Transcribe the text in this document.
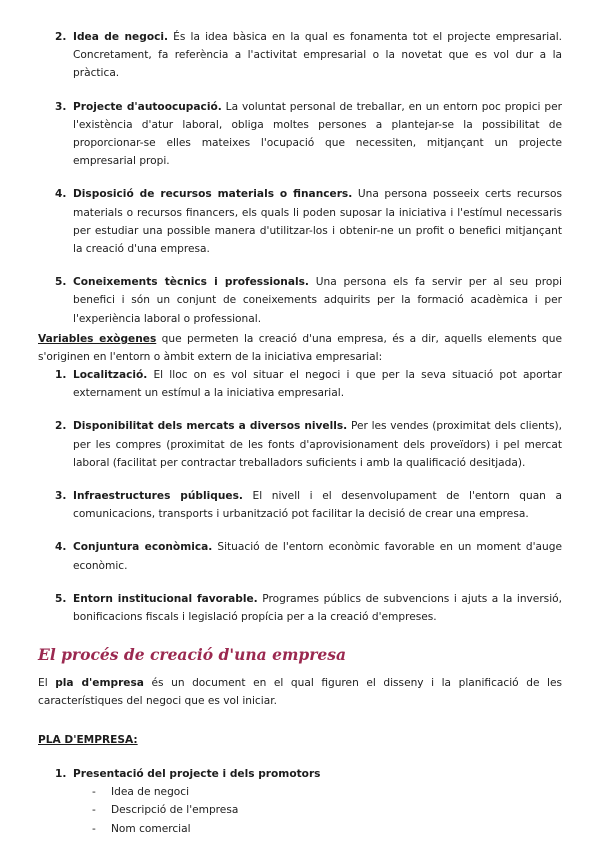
2. Idea de negoci. És la idea bàsica en la qual es fonamenta tot el projecte empresarial. Concretament, fa referència a l'activitat empresarial o la novetat que es vol dur a la pràctica.
3. Projecte d'autoocupació. La voluntat personal de treballar, en un entorn poc propici per l'existència d'atur laboral, obliga moltes persones a plantejar-se la possibilitat de proporcionar-se elles mateixes l'ocupació que necessiten, mitjançant un projecte empresarial propi.
4. Disposició de recursos materials o financers. Una persona posseeix certs recursos materials o recursos financers, els quals li poden suposar la iniciativa i l'estímul necessaris per estudiar una possible manera d'utilitzar-los i obtenir-ne un profit o benefici mitjançant la creació d'una empresa.
5. Coneixements tècnics i professionals. Una persona els fa servir per al seu propi benefici i són un conjunt de coneixements adquirits per la formació acadèmica i per l'experiència laboral o professional.

Variables exògenes que permeten la creació d'una empresa, és a dir, aquells elements que s'originen en l'entorn o àmbit extern de la iniciativa empresarial:

1. Localització. El lloc on es vol situar el negoci i que per la seva situació pot aportar externament un estímul a la iniciativa empresarial.
2. Disponibilitat dels mercats a diversos nivells. Per les vendes (proximitat dels clients), per les compres (proximitat de les fonts d'aprovisionament dels proveïdors) i pel mercat laboral (facilitat per contractar treballadors suficients i amb la qualificació desitjada).
3. Infraestructures públiques. El nivell i el desenvolupament de l'entorn quan a comunicacions, transports i urbanització pot facilitar la decisió de crear una empresa.
4. Conjuntura econòmica. Situació de l'entorn econòmic favorable en un moment d'auge econòmic.
5. Entorn institucional favorable. Programes públics de subvencions i ajuts a la inversió, bonificacions fiscals i legislació propícia per a la creació d'empreses.
El procés de creació d'una empresa

El pla d'empresa és un document en el qual figuren el disseny i la planificació de les característiques del negoci que es vol iniciar.

PLA D'EMPRESA:

1. Presentació del projecte i dels promotors
- Idea de negoci
- Descripció de l'empresa
- Nom comercial
